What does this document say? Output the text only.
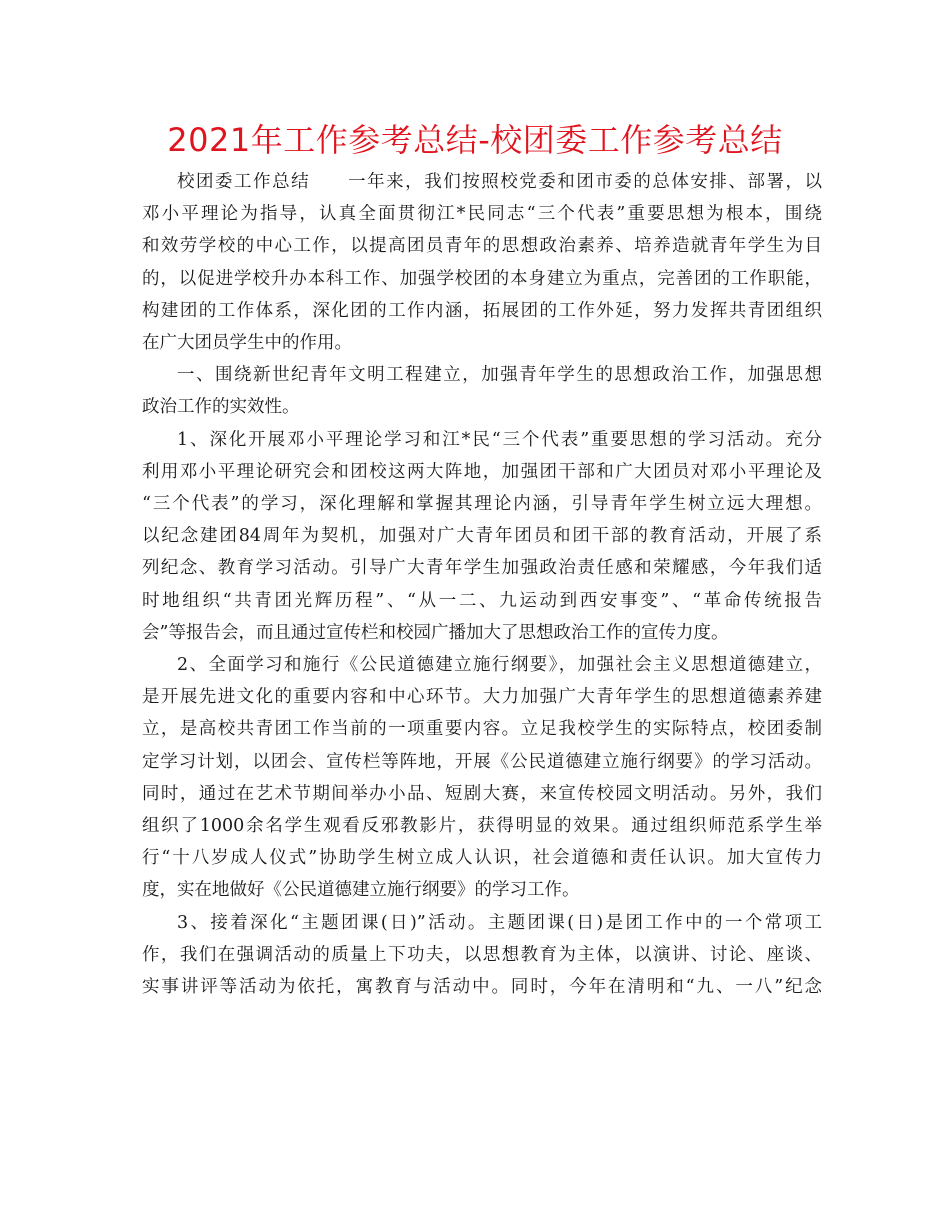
2021年工作参考总结-校团委工作参考总结

校团委工作总结　　一年来，我们按照校党委和团市委的总体安排、部署，以
邓小平理论为指导，认真全面贯彻江*民同志“三个代表”重要思想为根本，围绕
和效劳学校的中心工作，以提高团员青年的思想政治素养、培养造就青年学生为目
的，以促进学校升办本科工作、加强学校团的本身建立为重点，完善团的工作职能，
构建团的工作体系，深化团的工作内涵，拓展团的工作外延，努力发挥共青团组织
在广大团员学生中的作用。

一、围绕新世纪青年文明工程建立，加强青年学生的思想政治工作，加强思想
政治工作的实效性。

1、深化开展邓小平理论学习和江*民“三个代表”重要思想的学习活动。充分
利用邓小平理论研究会和团校这两大阵地，加强团干部和广大团员对邓小平理论及
“三个代表”的学习，深化理解和掌握其理论内涵，引导青年学生树立远大理想。
以纪念建团84周年为契机，加强对广大青年团员和团干部的教育活动，开展了系
列纪念、教育学习活动。引导广大青年学生加强政治责任感和荣耀感，今年我们适
时地组织“共青团光辉历程”、“从一二、九运动到西安事变”、“革命传统报告
会”等报告会，而且通过宣传栏和校园广播加大了思想政治工作的宣传力度。

2、全面学习和施行《公民道德建立施行纲要》，加强社会主义思想道德建立，
是开展先进文化的重要内容和中心环节。大力加强广大青年学生的思想道德素养建
立，是高校共青团工作当前的一项重要内容。立足我校学生的实际特点，校团委制
定学习计划，以团会、宣传栏等阵地，开展《公民道德建立施行纲要》的学习活动。
同时，通过在艺术节期间举办小品、短剧大赛，来宣传校园文明活动。另外，我们
组织了1000余名学生观看反邪教影片，获得明显的效果。通过组织师范系学生举
行“十八岁成人仪式”协助学生树立成人认识，社会道德和责任认识。加大宣传力
度，实在地做好《公民道德建立施行纲要》的学习工作。

3、接着深化“主题团课(日)”活动。主题团课(日)是团工作中的一个常项工
作，我们在强调活动的质量上下功夫，以思想教育为主体，以演讲、讨论、座谈、
实事讲评等活动为依托，寓教育与活动中。同时，今年在清明和“九、一八”纪念
